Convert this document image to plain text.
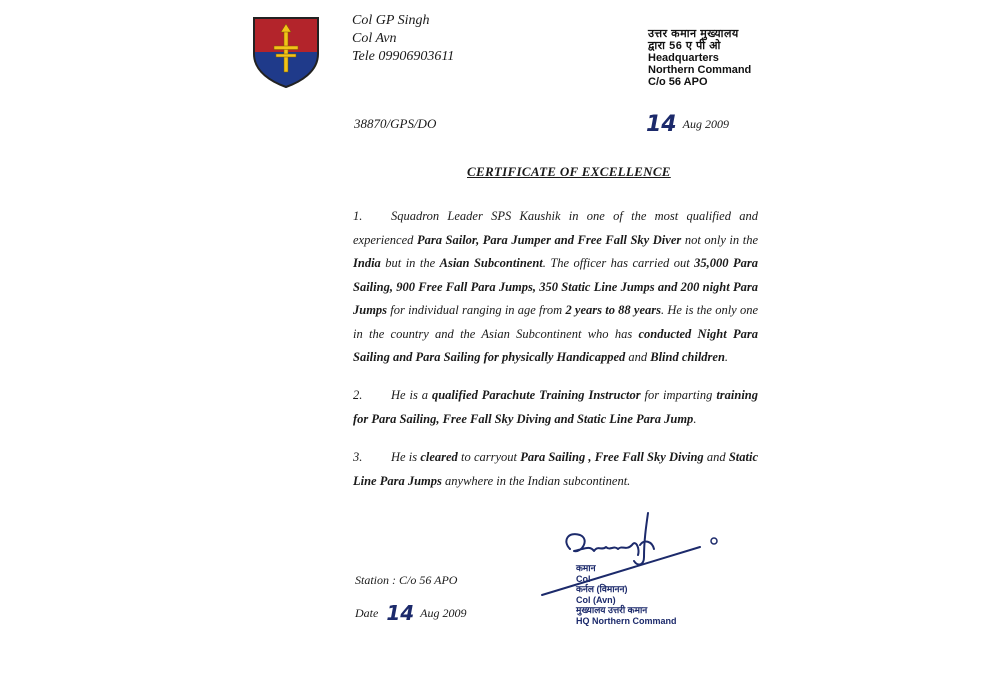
Col GP Singh
Col Avn
Tele 09906903611
उत्तर कमान मुख्यालय
द्वारा 56 ए पी ओ
Headquarters
Northern Command
C/o 56 APO
38870/GPS/DO	14 Aug 2009
CERTIFICATE OF EXCELLENCE
1. Squadron Leader SPS Kaushik in one of the most qualified and experienced Para Sailor, Para Jumper and Free Fall Sky Diver not only in the India but in the Asian Subcontinent. The officer has carried out 35,000 Para Sailing, 900 Free Fall Para Jumps, 350 Static Line Jumps and 200 night Para Jumps for individual ranging in age from 2 years to 88 years. He is the only one in the country and the Asian Subcontinent who has conducted Night Para Sailing and Para Sailing for physically Handicapped and Blind children.
2. He is a qualified Parachute Training Instructor for imparting training for Para Sailing, Free Fall Sky Diving and Static Line Para Jump.
3. He is cleared to carryout Para Sailing , Free Fall Sky Diving and Static Line Para Jumps anywhere in the Indian subcontinent.
Station : C/o 56 APO
Date 14 Aug 2009
कमान
Col
कर्नल (विमानन)
Col (Avn)
मुख्यालय उत्तरी कमान
HQ Northern Command
